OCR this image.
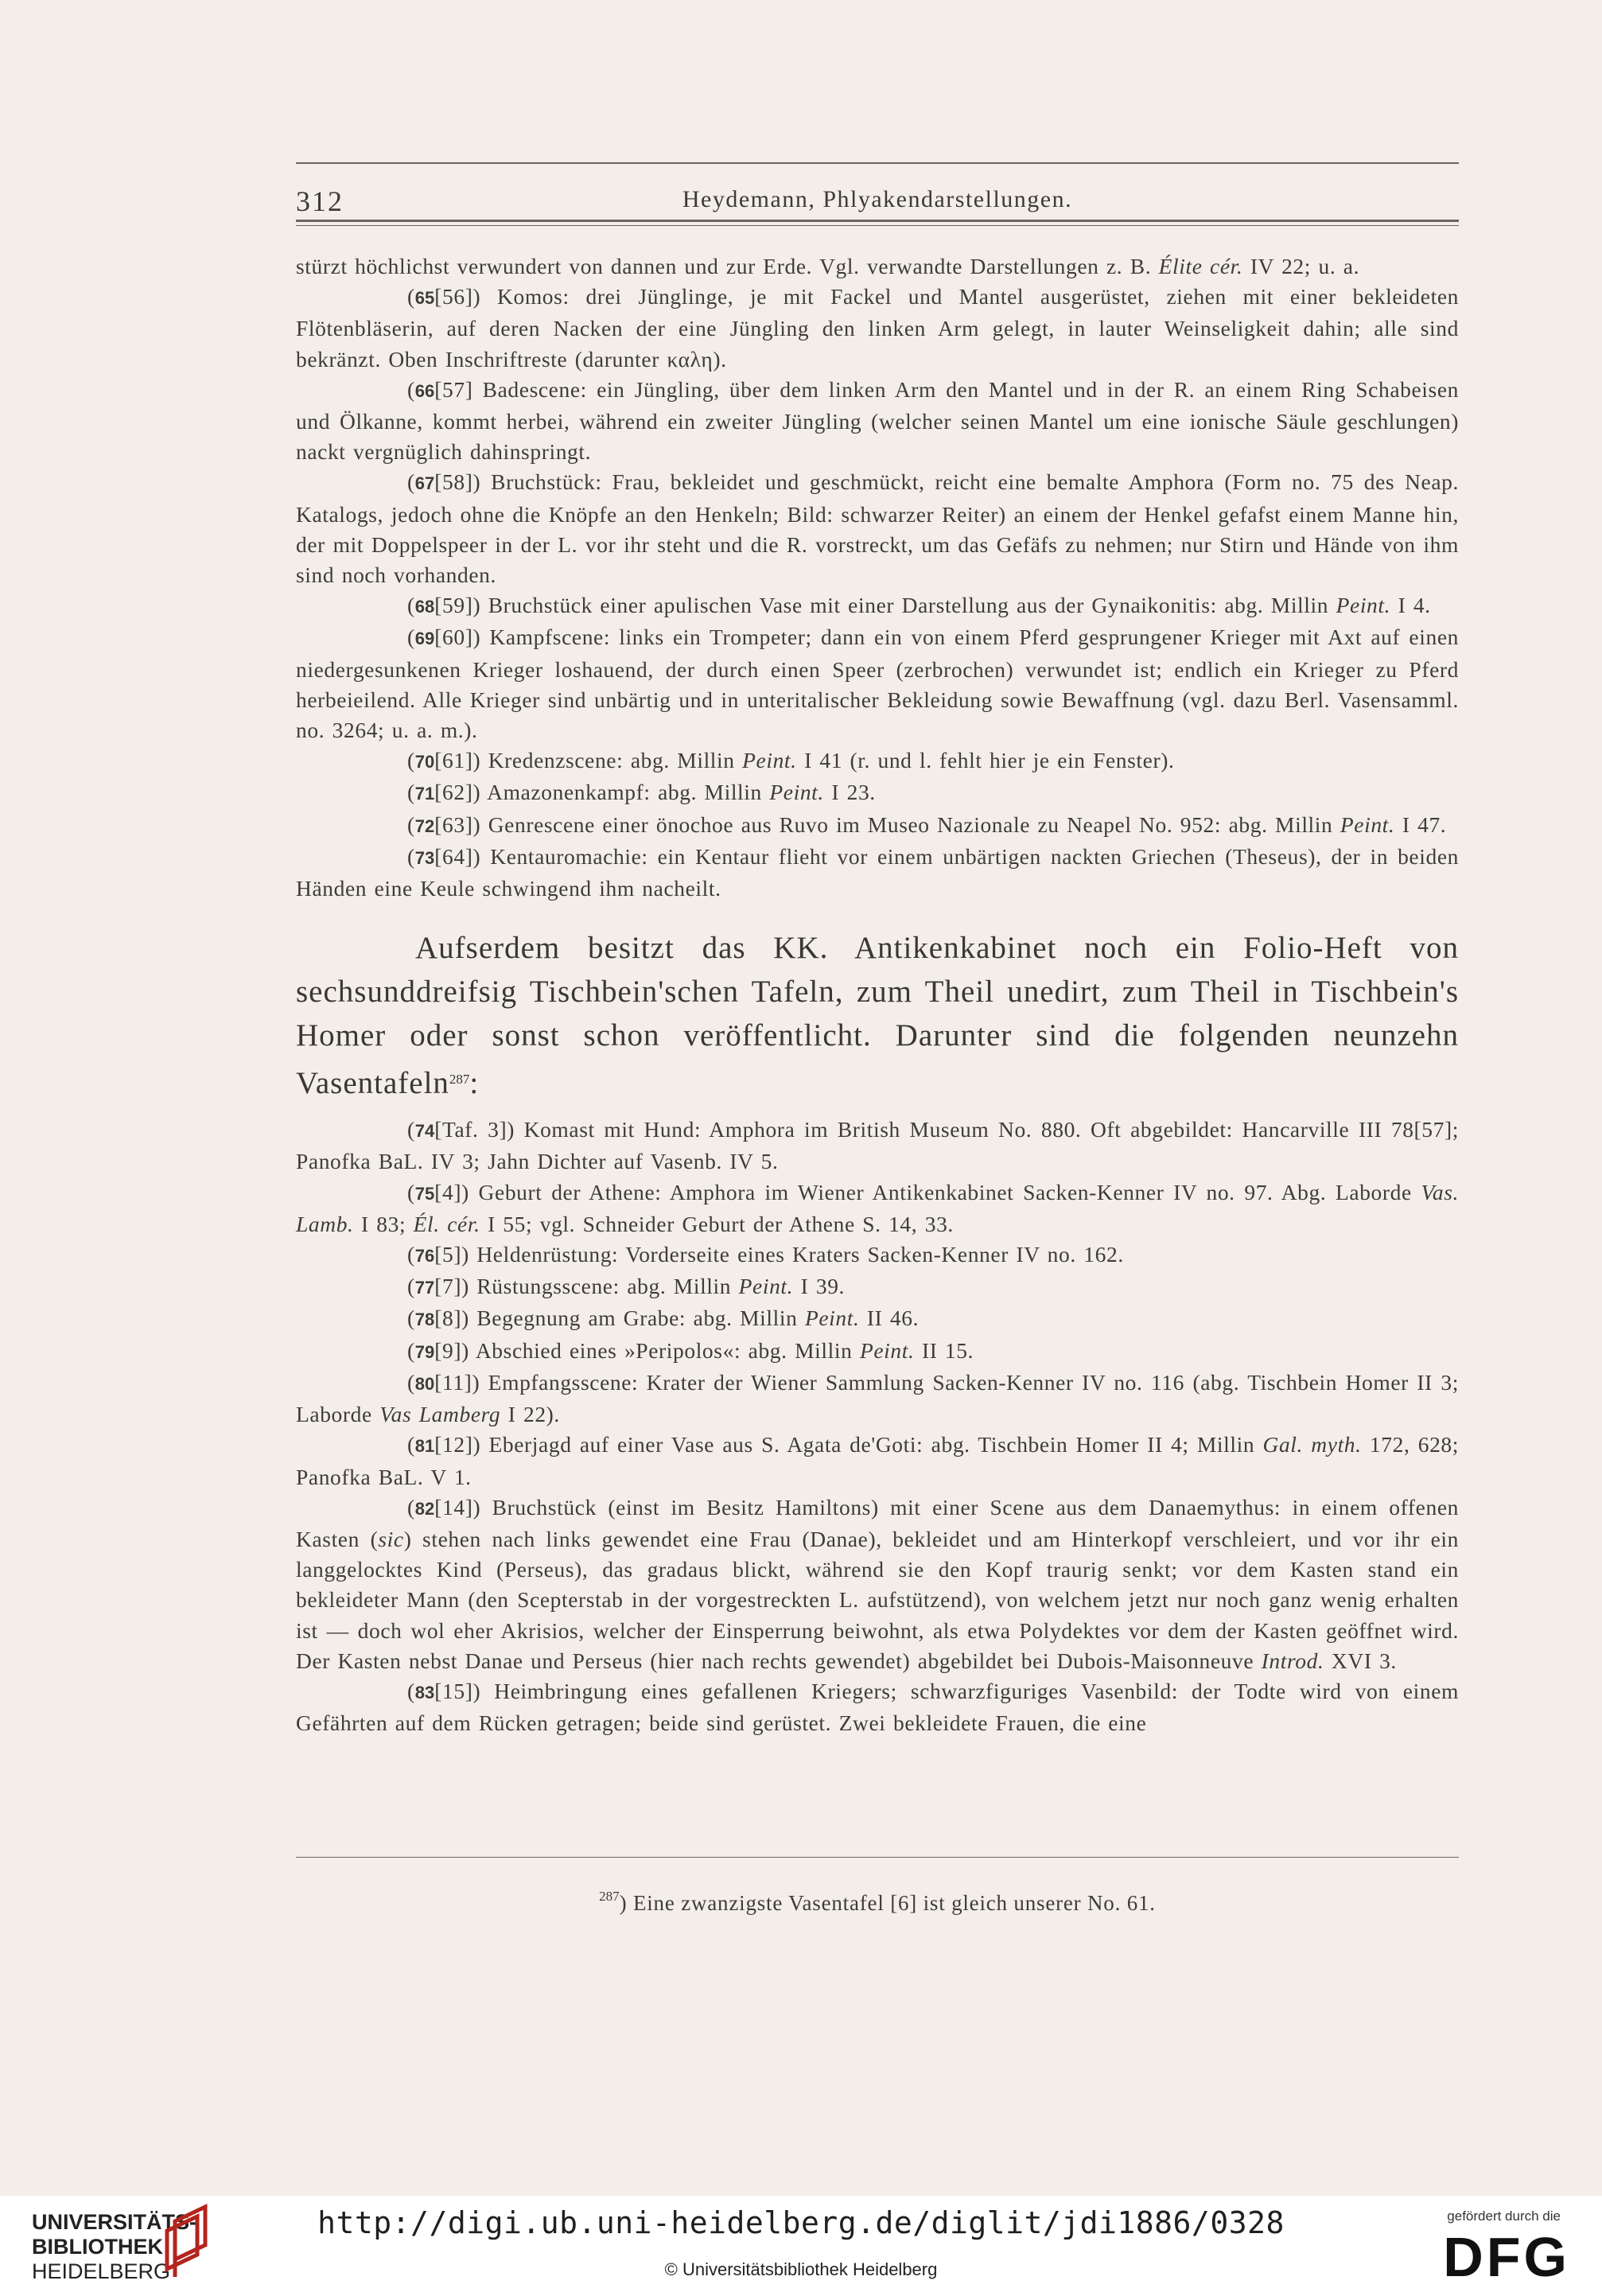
312	Heydemann, Phlyakendarstellungen.

stürzt höchlichst verwundert von dannen und zur Erde. Vgl. verwandte Darstellungen z. B. Élite cér. IV 22; u. a.

(65[56]) Komos: drei Jünglinge, je mit Fackel und Mantel ausgerüstet, ziehen mit einer bekleideten Flötenbläserin, auf deren Nacken der eine Jüngling den linken Arm gelegt, in lauter Weinseligkeit dahin; alle sind bekränzt. Oben Inschriftreste (darunter καλη).

(66[57] Badescene: ein Jüngling, über dem linken Arm den Mantel und in der R. an einem Ring Schabeisen und Ölkanne, kommt herbei, während ein zweiter Jüngling (welcher seinen Mantel um eine ionische Säule geschlungen) nackt vergnüglich dahinspringt.

(67[58]) Bruchstück: Frau, bekleidet und geschmückt, reicht eine bemalte Amphora (Form no. 75 des Neap. Katalogs, jedoch ohne die Knöpfe an den Henkeln; Bild: schwarzer Reiter) an einem der Henkel gefafst einem Manne hin, der mit Doppelspeer in der L. vor ihr steht und die R. vorstreckt, um das Gefäfs zu nehmen; nur Stirn und Hände von ihm sind noch vorhanden.

(68[59]) Bruchstück einer apulischen Vase mit einer Darstellung aus der Gynaikonitis: abg. Millin Peint. I 4.

(69[60]) Kampfscene: links ein Trompeter; dann ein von einem Pferd gesprungener Krieger mit Axt auf einen niedergesunkenen Krieger loshauend, der durch einen Speer (zerbrochen) verwundet ist; endlich ein Krieger zu Pferd herbeieilend. Alle Krieger sind unbärtig und in unteritalischer Bekleidung sowie Bewaffnung (vgl. dazu Berl. Vasensamml. no. 3264; u. a. m.).

(70[61]) Kredenzscene: abg. Millin Peint. I 41 (r. und l. fehlt hier je ein Fenster).

(71[62]) Amazonenkampf: abg. Millin Peint. I 23.

(72[63]) Genrescene einer önochoe aus Ruvo im Museo Nazionale zu Neapel No. 952: abg. Millin Peint. I 47.

(73[64]) Kentauromachie: ein Kentaur flieht vor einem unbärtigen nackten Griechen (Theseus), der in beiden Händen eine Keule schwingend ihm nacheilt.

Aufserdem besitzt das KK. Antikenkabinet noch ein Folio-Heft von sechsunddreifsig Tischbein'schen Tafeln, zum Theil unedirt, zum Theil in Tischbein's Homer oder sonst schon veröffentlicht. Darunter sind die folgenden neunzehn Vasentafeln$^{287}$:

(74[Taf. 3]) Komast mit Hund: Amphora im British Museum No. 880. Oft abgebildet: Hancarville III 78[57]; Panofka BaL. IV 3; Jahn Dichter auf Vasenb. IV 5.

(75[4]) Geburt der Athene: Amphora im Wiener Antikenkabinet Sacken-Kenner IV no. 97. Abg. Laborde Vas. Lamb. I 83; Él. cér. I 55; vgl. Schneider Geburt der Athene S. 14, 33.

(76[5]) Heldenrüstung: Vorderseite eines Kraters Sacken-Kenner IV no. 162.

(77[7]) Rüstungsscene: abg. Millin Peint. I 39.

(78[8]) Begegnung am Grabe: abg. Millin Peint. II 46.

(79[9]) Abschied eines »Peripolos«: abg. Millin Peint. II 15.

(80[11]) Empfangsscene: Krater der Wiener Sammlung Sacken-Kenner IV no. 116 (abg. Tischbein Homer II 3; Laborde Vas Lamberg I 22).

(81[12]) Eberjagd auf einer Vase aus S. Agata de'Goti: abg. Tischbein Homer II 4; Millin Gal. myth. 172, 628; Panofka BaL. V 1.

(82[14]) Bruchstück (einst im Besitz Hamiltons) mit einer Scene aus dem Danaemythus: in einem offenen Kasten (sic) stehen nach links gewendet eine Frau (Danae), bekleidet und am Hinterkopf verschleiert, und vor ihr ein langgelocktes Kind (Perseus), das gradaus blickt, während sie den Kopf traurig senkt; vor dem Kasten stand ein bekleideter Mann (den Scepterstab in der vorgestreckten L. aufstützend), von welchem jetzt nur noch ganz wenig erhalten ist — doch wol eher Akrisios, welcher der Einsperrung beiwohnt, als etwa Polydektes vor dem der Kasten geöffnet wird. Der Kasten nebst Danae und Perseus (hier nach rechts gewendet) abgebildet bei Dubois-Maisonneuve Introd. XVI 3.

(83[15]) Heimbringung eines gefallenen Kriegers; schwarzfiguriges Vasenbild: der Todte wird von einem Gefährten auf dem Rücken getragen; beide sind gerüstet. Zwei bekleidete Frauen, die eine

$^{287}$) Eine zwanzigste Vasentafel [6] ist gleich unserer No. 61.
UNIVERSITÄTS-
BIBLIOTHEK
HEIDELBERG
http://digi.ub.uni-heidelberg.de/diglit/jdi1886/0328
© Universitätsbibliothek Heidelberg
gefördert durch die
DFG
